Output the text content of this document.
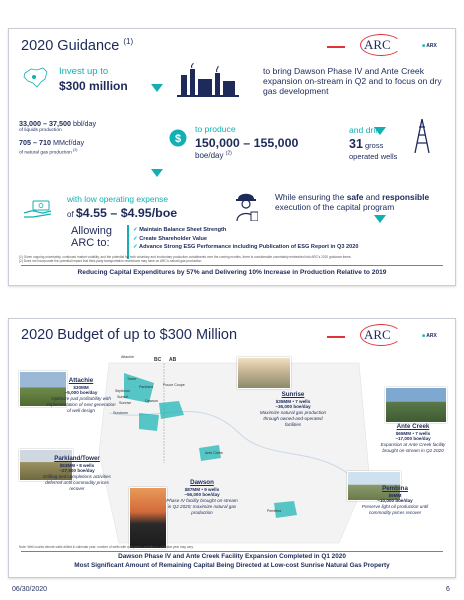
2020 Guidance $^{(1)}$	ARC	■ ARX
Invest up to
$300 million
to bring Dawson Phase IV and Ante Creek expansion on-stream in Q2 and to focus on dry gas development
33,000 – 37,500 bbl/day
of liquids production
705 – 710 MMcf/day
of natural gas production $^{(2)}$
$
to produce
150,000 – 155,000
boe/day $^{(2)}$
and drill
31 gross
operated wells
with low operating expense
of $4.55 – $4.95/boe
While ensuring the safe and responsible
execution of the capital program
Allowing ARC to:
✓ Maintain Balance Sheet Strength
✓ Create Shareholder Value
✓ Advance Strong ESG Performance including Publication of ESG Report in Q3 2020
(1) Given ongoing uncertainty, continued market volatility, and the potential for both voluntary and involuntary production curtailments over the coming months, there is considerable uncertainty embedded into ARC's 2020 guidance items.
(2) Does not incorporate the potential impact that third-party transportation restrictions may have on ARC's natural gas production.
Reducing Capital Expenditures by 57% and Delivering 10% Increase in Production Relative to 2019
2020 Budget of up to $300 Million	ARC	■ ARX
Attachie	BC AB
Tower
Parkland	Pouce Coupe
Septimus
Sunset
Sunrise	Dawson
Sundown
Ante Creek
Pembina
Attachie
$30MM
~5,000 boe/day
Optimize pad profitability with implementation of next generation of well design
Sunrise
$35MM • 7 wells
~36,000 boe/day
Maximize natural gas production through owned-and-operated facilities	Ante Creek
$65MM • 7 wells
~17,000 boe/day
Expansion at Ante Creek facility brought on-stream in Q2 2020
Parkland/Tower
$63MM • 8 wells
~27,500 boe/day
Drilling and completions activities deferred until commodity prices recover
Dawson
$87MM • 9 wells
~56,000 boe/day
Phase IV facility brought on-stream in Q2 2020; maximize natural gas production
Pembina
$9MM
~10,000 boe/day
Preserve light oil production until commodity prices recover
Note: Well counts denote wells drilled in calendar year; number of wells with completion activities in calendar year may vary.
Dawson Phase IV and Ante Creek Facility Expansion Completed in Q1 2020
Most Significant Amount of Remaining Capital Being Directed at Low-cost Sunrise Natural Gas Property
06/30/2020	6
